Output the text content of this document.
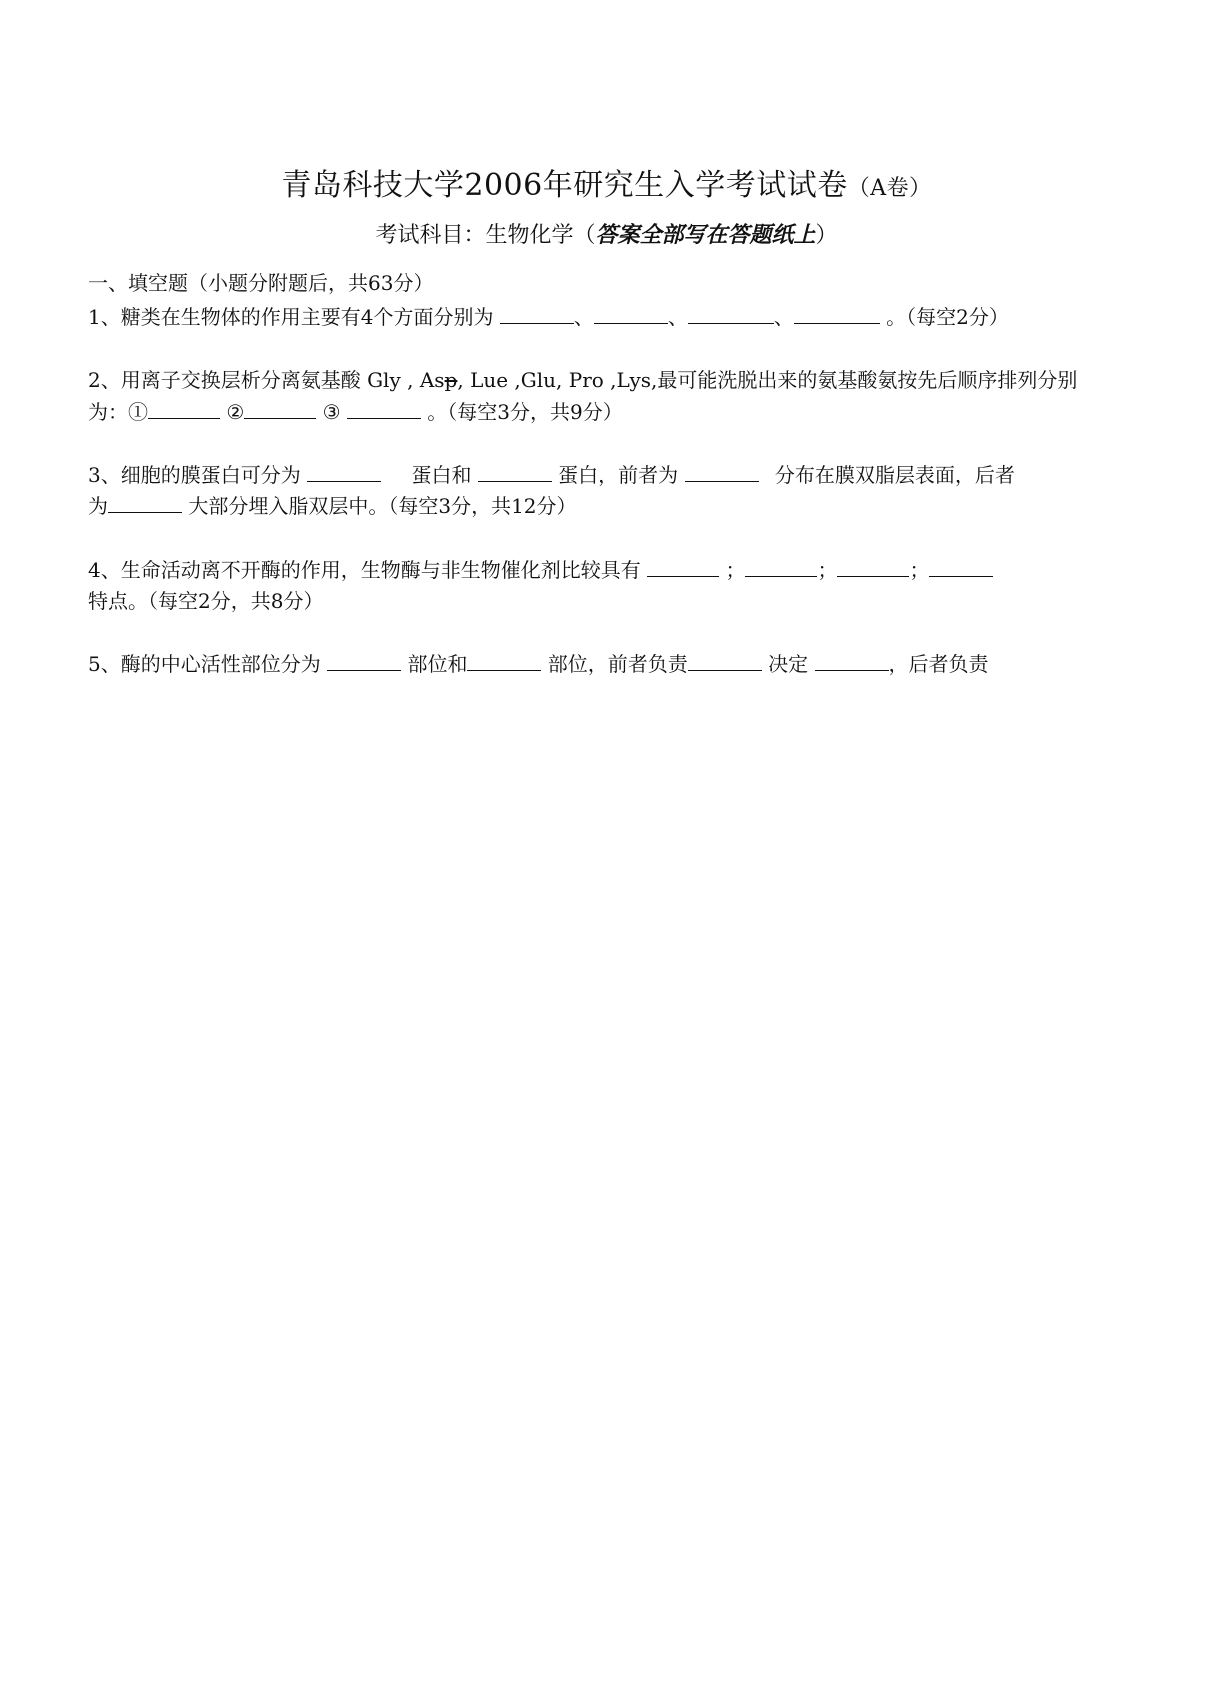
青岛科技大学2006年研究生入学考试试卷（A卷）
考试科目：生物化学（答案全部写在答题纸上）
一、填空题（小题分附题后，共63分）
1、糖类在生物体的作用主要有4个方面分别为	、	、	、	。（每空2分）
2、用离子交换层析分离氨基酸 Gly , Asp, Lue ,Glu, Pro ,Lys,最可能洗脱出来的氨基酸氨按先后顺序排列分别
为：①	②	③	。（每空3分，共9分）
3、细胞的膜蛋白可分为	蛋白和	蛋白，前者为	分布在膜双脂层表面，后者
为	大部分埋入脂双层中。（每空3分，共12分）
4、生命活动离不开酶的作用，生物酶与非生物催化剂比较具有	；	；	；
特点。（每空2分，共8分）
5、酶的中心活性部位分为	部位和	部位，前者负责	决定	，后者负责
